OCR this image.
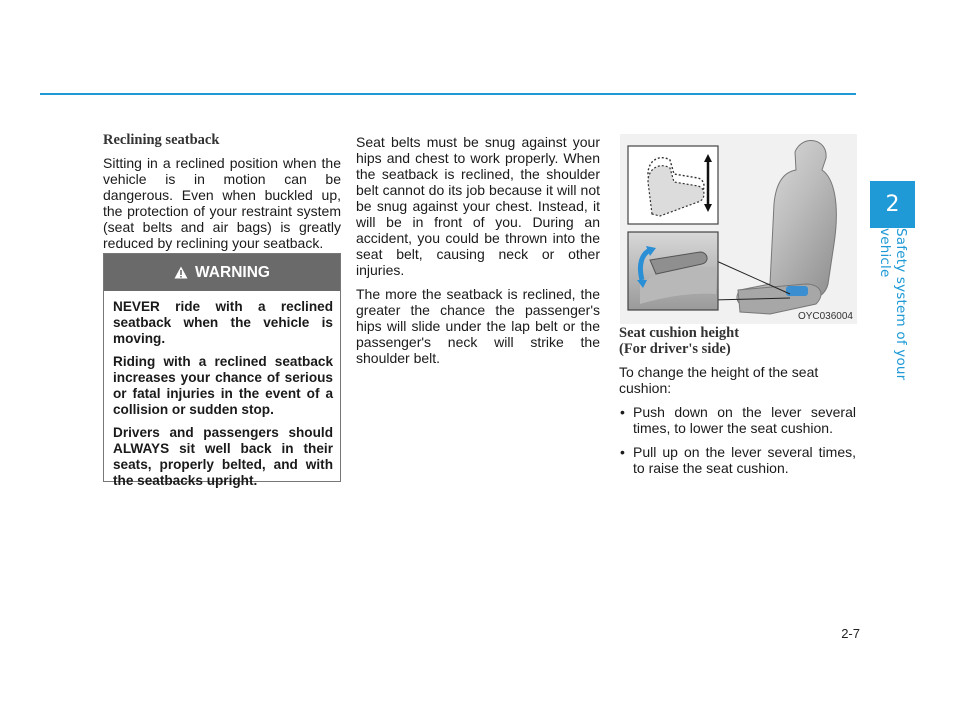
2
Safety system of your vehicle
Reclining seatback

Sitting in a reclined position when the vehicle is in motion can be dangerous. Even when buckled up, the protection of your restraint system (seat belts and air bags) is greatly reduced by reclining your seatback.

WARNING

NEVER ride with a reclined seatback when the vehicle is moving.

Riding with a reclined seatback increases your chance of serious or fatal injuries in the event of a collision or sudden stop.

Drivers and passengers should ALWAYS sit well back in their seats, properly belted, and with the seatbacks upright.

Seat belts must be snug against your hips and chest to work properly. When the seatback is reclined, the shoulder belt cannot do its job because it will not be snug against your chest. Instead, it will be in front of you. During an accident, you could be thrown into the seat belt, causing neck or other injuries.

The more the seatback is reclined, the greater the chance the passenger's hips will slide under the lap belt or the passenger's neck will strike the shoulder belt.

OYC036004
Seat cushion height
(For driver's side)

To change the height of the seat cushion:

• Push down on the lever several times, to lower the seat cushion.
• Pull up on the lever several times, to raise the seat cushion.
2-7
